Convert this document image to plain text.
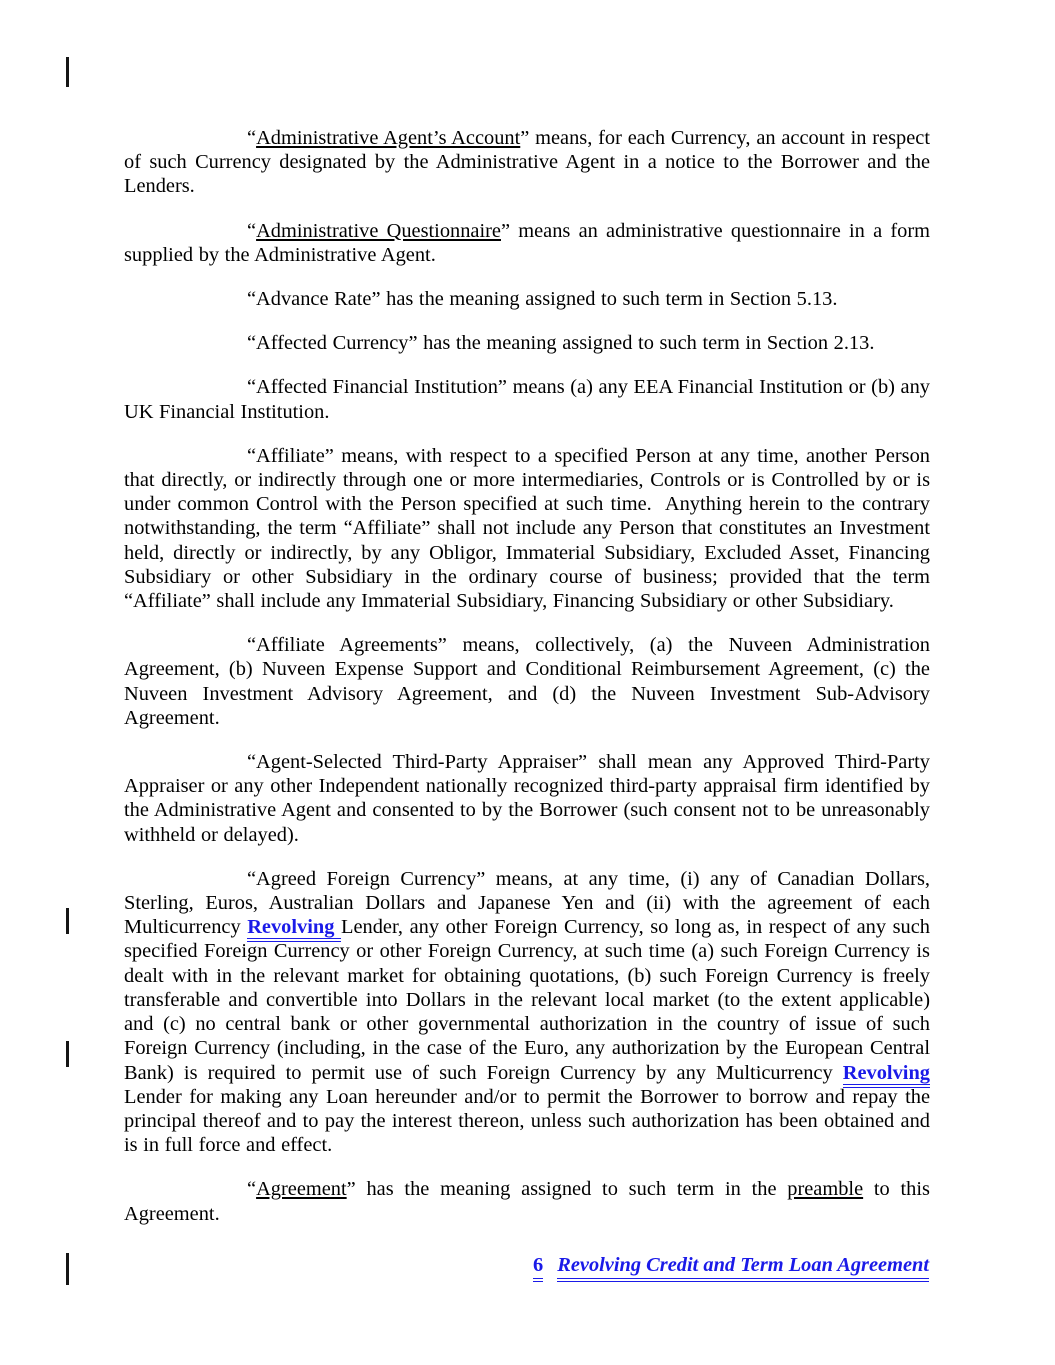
“Administrative Agent’s Account” means, for each Currency, an account in respect of such Currency designated by the Administrative Agent in a notice to the Borrower and the Lenders.

“Administrative Questionnaire” means an administrative questionnaire in a form supplied by the Administrative Agent.

“Advance Rate” has the meaning assigned to such term in Section 5.13.

“Affected Currency” has the meaning assigned to such term in Section 2.13.

“Affected Financial Institution” means (a) any EEA Financial Institution or (b) any UK Financial Institution.

“Affiliate” means, with respect to a specified Person at any time, another Person that directly, or indirectly through one or more intermediaries, Controls or is Controlled by or is under common Control with the Person specified at such time.  Anything herein to the contrary notwithstanding, the term “Affiliate” shall not include any Person that constitutes an Investment held, directly or indirectly, by any Obligor, Immaterial Subsidiary, Excluded Asset, Financing Subsidiary or other Subsidiary in the ordinary course of business; provided that the term “Affiliate” shall include any Immaterial Subsidiary, Financing Subsidiary or other Subsidiary.

“Affiliate Agreements” means, collectively, (a) the Nuveen Administration Agreement, (b) Nuveen Expense Support and Conditional Reimbursement Agreement, (c) the Nuveen Investment Advisory Agreement, and (d) the Nuveen Investment Sub-Advisory Agreement.

“Agent-Selected Third-Party Appraiser” shall mean any Approved Third-Party Appraiser or any other Independent nationally recognized third-party appraisal firm identified by the Administrative Agent and consented to by the Borrower (such consent not to be unreasonably withheld or delayed).

“Agreed Foreign Currency” means, at any time, (i) any of Canadian Dollars, Sterling, Euros, Australian Dollars and Japanese Yen and (ii) with the agreement of each Multicurrency Revolving Lender, any other Foreign Currency, so long as, in respect of any such specified Foreign Currency or other Foreign Currency, at such time (a) such Foreign Currency is dealt with in the relevant market for obtaining quotations, (b) such Foreign Currency is freely transferable and convertible into Dollars in the relevant local market (to the extent applicable) and (c) no central bank or other governmental authorization in the country of issue of such Foreign Currency (including, in the case of the Euro, any authorization by the European Central Bank) is required to permit use of such Foreign Currency by any Multicurrency Revolving Lender for making any Loan hereunder and/or to permit the Borrower to borrow and repay the principal thereof and to pay the interest thereon, unless such authorization has been obtained and is in full force and effect.

“Agreement” has the meaning assigned to such term in the preamble to this Agreement.

6 Revolving Credit and Term Loan Agreement
